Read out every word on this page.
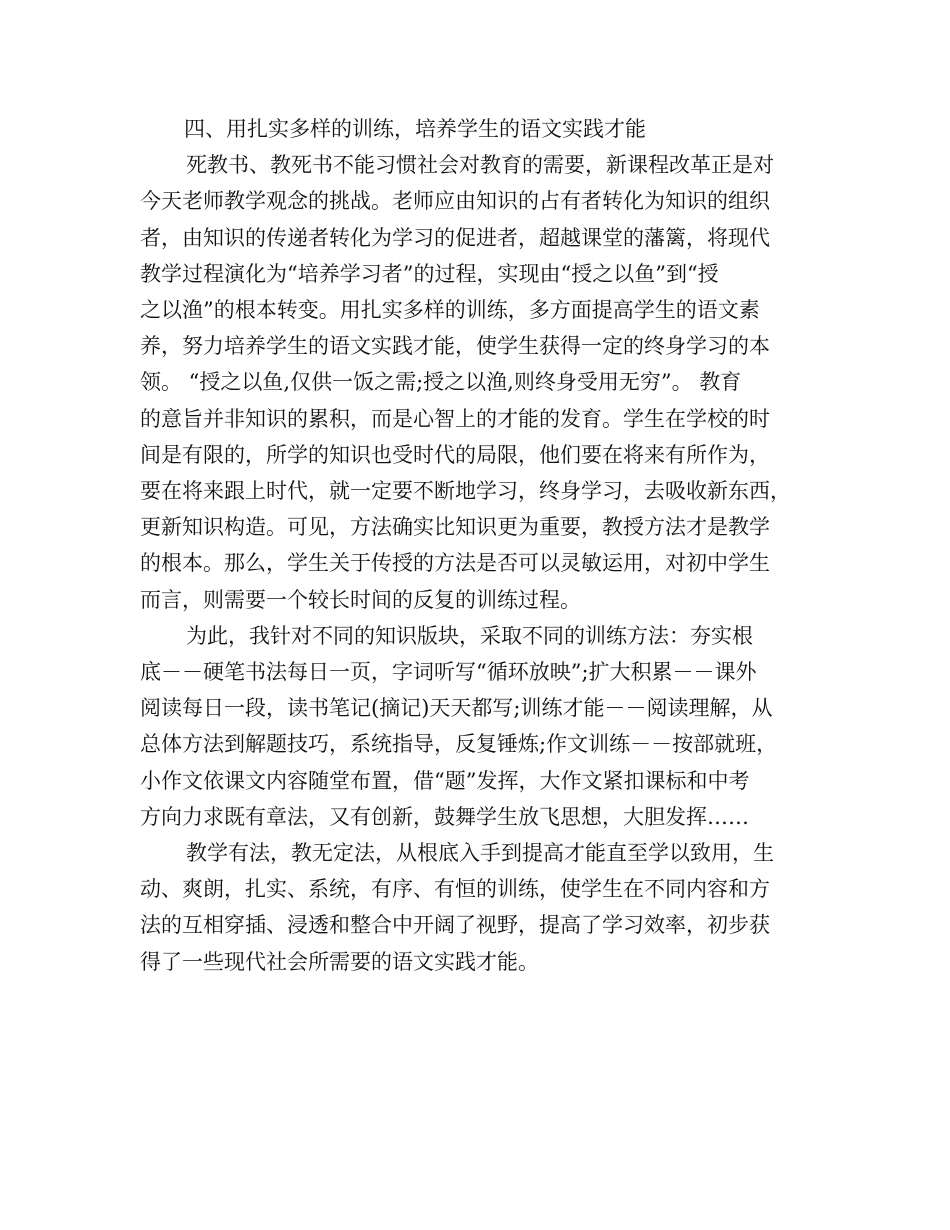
四、用扎实多样的训练，培养学生的语文实践才能

死教书、教死书不能习惯社会对教育的需要，新课程改革正是对
今天老师教学观念的挑战。老师应由知识的占有者转化为知识的组织
者，由知识的传递者转化为学习的促进者，超越课堂的藩篱，将现代
教学过程演化为“培养学习者”的过程，实现由“授之以鱼”到“授
之以渔”的根本转变。用扎实多样的训练，多方面提高学生的语文素
养，努力培养学生的语文实践才能，使学生获得一定的终身学习的本
领。 “授之以鱼,仅供一饭之需;授之以渔,则终身受用无穷”。 教育
的意旨并非知识的累积，而是心智上的才能的发育。学生在学校的时
间是有限的，所学的知识也受时代的局限，他们要在将来有所作为，
要在将来跟上时代，就一定要不断地学习，终身学习，去吸收新东西，
更新知识构造。可见，方法确实比知识更为重要，教授方法才是教学
的根本。那么，学生关于传授的方法是否可以灵敏运用，对初中学生
而言，则需要一个较长时间的反复的训练过程。
为此，我针对不同的知识版块，采取不同的训练方法：夯实根
底－－硬笔书法每日一页，字词听写“循环放映”;扩大积累－－课外
阅读每日一段，读书笔记(摘记)天天都写;训练才能－－阅读理解，从
总体方法到解题技巧，系统指导，反复锤炼;作文训练－－按部就班，
小作文依课文内容随堂布置，借“题”发挥，大作文紧扣课标和中考
方向力求既有章法，又有创新，鼓舞学生放飞思想，大胆发挥……
教学有法，教无定法，从根底入手到提高才能直至学以致用，生
动、爽朗，扎实、系统，有序、有恒的训练，使学生在不同内容和方
法的互相穿插、浸透和整合中开阔了视野，提高了学习效率，初步获
得了一些现代社会所需要的语文实践才能。
